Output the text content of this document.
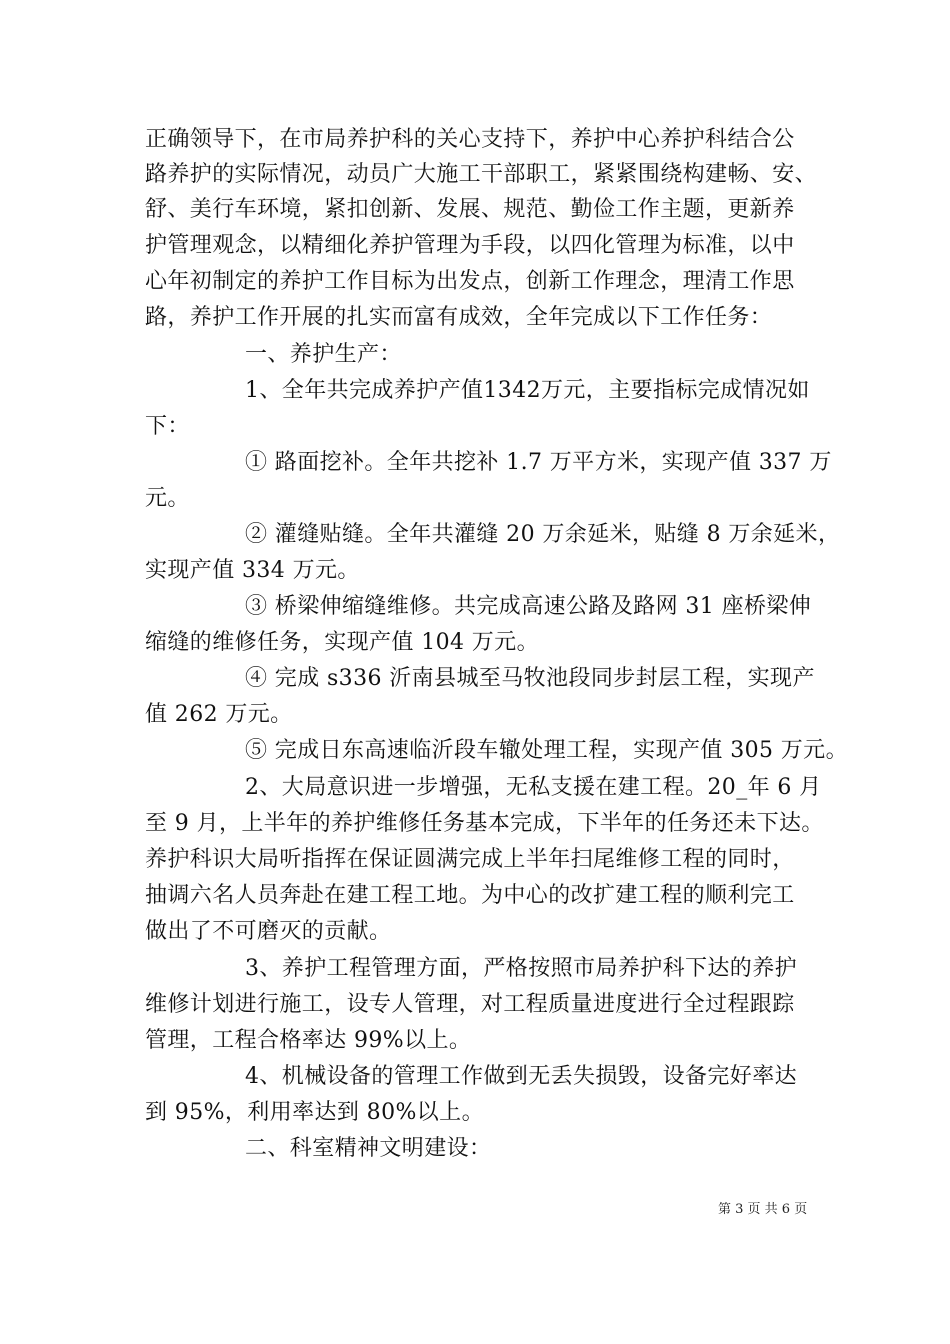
正确领导下，在市局养护科的关心支持下，养护中心养护科结合公
路养护的实际情况，动员广大施工干部职工，紧紧围绕构建畅、安、
舒、美行车环境，紧扣创新、发展、规范、勤俭工作主题，更新养
护管理观念，以精细化养护管理为手段，以四化管理为标准，以中
心年初制定的养护工作目标为出发点，创新工作理念，理清工作思
路，养护工作开展的扎实而富有成效，全年完成以下工作任务：
一、养护生产：
1、全年共完成养护产值1342万元，主要指标完成情况如
下：
① 路面挖补。全年共挖补 1.7 万平方米，实现产值 337 万
元。
② 灌缝贴缝。全年共灌缝 20 万余延米，贴缝 8 万余延米，
实现产值 334 万元。
③ 桥梁伸缩缝维修。共完成高速公路及路网 31 座桥梁伸
缩缝的维修任务，实现产值 104 万元。
④ 完成 s336 沂南县城至马牧池段同步封层工程，实现产
值 262 万元。
⑤ 完成日东高速临沂段车辙处理工程，实现产值 305 万元。
2、大局意识进一步增强，无私支援在建工程。20_年 6 月
至 9 月，上半年的养护维修任务基本完成，下半年的任务还未下达。
养护科识大局听指挥在保证圆满完成上半年扫尾维修工程的同时，
抽调六名人员奔赴在建工程工地。为中心的改扩建工程的顺利完工
做出了不可磨灭的贡献。
3、养护工程管理方面，严格按照市局养护科下达的养护
维修计划进行施工，设专人管理，对工程质量进度进行全过程跟踪
管理，工程合格率达 99%以上。
4、机械设备的管理工作做到无丢失损毁，设备完好率达
到 95%，利用率达到 80%以上。
二、科室精神文明建设：
第 3 页 共 6 页
